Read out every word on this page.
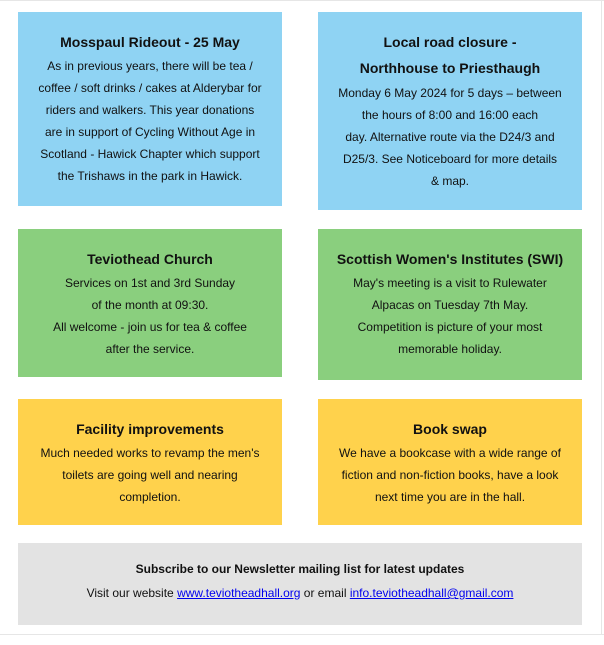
Mosspaul Rideout - 25 May
As in previous years, there will be tea /
coffee / soft drinks / cakes at Alderybar for
riders and walkers. This year donations
are in support of Cycling Without Age in
Scotland - Hawick Chapter which support
the Trishaws in the park in Hawick.
Local road closure -
Northhouse to Priesthaugh
Monday 6 May 2024 for 5 days – between
the hours of 8:00 and 16:00 each
day. Alternative route via the D24/3 and
D25/3. See Noticeboard for more details
& map.
Teviothead Church
Services on 1st and 3rd Sunday
of the month at 09:30.
All welcome - join us for tea & coffee
after the service.
Scottish Women's Institutes (SWI)
May's meeting is a visit to Rulewater
Alpacas on Tuesday 7th May.
Competition is picture of your most
memorable holiday.
Facility improvements
Much needed works to revamp the men's
toilets are going well and nearing
completion.
Book swap
We have a bookcase with a wide range of
fiction and non-fiction books, have a look
next time you are in the hall.
Subscribe to our Newsletter mailing list for latest updates
Visit our website www.teviotheadhall.org or email info.teviotheadhall@gmail.com
